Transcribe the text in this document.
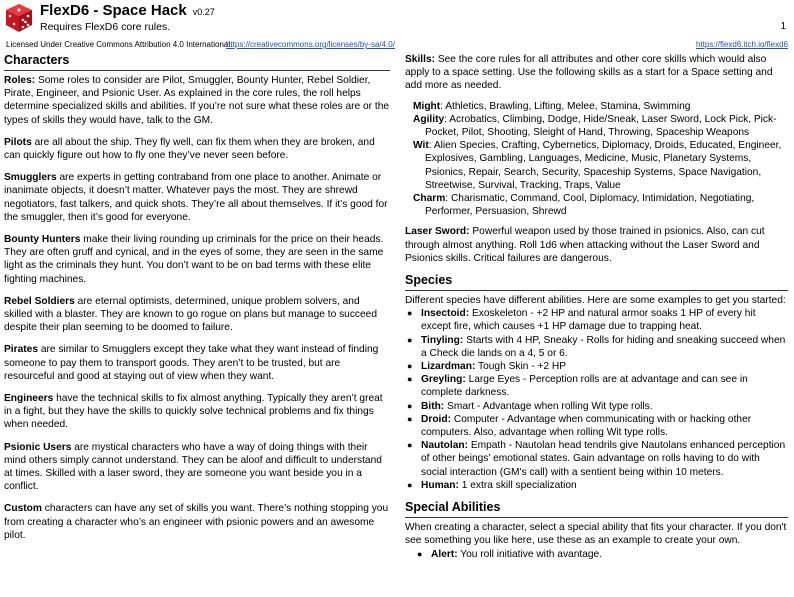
FlexD6 - Space Hack v0.27
Requires FlexD6 core rules.	1
Licensed Under Creative Commons Attribution 4.0 International.
https://creativecommons.org/licenses/by-sa/4.0/	https://flexd6.itch.io/flexd6
Characters

Roles: Some roles to consider are Pilot, Smuggler, Bounty Hunter, Rebel Soldier, Pirate, Engineer, and Psionic User. As explained in the core rules, the roll helps determine specialized skills and abilities. If you’re not sure what these roles are or the types of skills they would have, talk to the GM.

Pilots are all about the ship. They fly well, can fix them when they are broken, and can quickly figure out how to fly one they’ve never seen before.

Smugglers are experts in getting contraband from one place to another. Animate or inanimate objects, it doesn’t matter. Whatever pays the most. They are shrewd negotiators, fast talkers, and quick shots. They’re all about themselves. If it’s good for the smuggler, then it’s good for everyone.

Bounty Hunters make their living rounding up criminals for the price on their heads. They are often gruff and cynical, and in the eyes of some, they are seen in the same light as the criminals they hunt. You don’t want to be on bad terms with these elite fighting machines.

Rebel Soldiers are eternal optimists, determined, unique problem solvers, and skilled with a blaster. They are known to go rogue on plans but manage to succeed despite their plan seeming to be doomed to failure.

Pirates are similar to Smugglers except they take what they want instead of finding someone to pay them to transport goods. They aren’t to be trusted, but are resourceful and good at staying out of view when they want.

Engineers have the technical skills to fix almost anything. Typically they aren’t great in a fight, but they have the skills to quickly solve technical problems and fix things when needed.

Psionic Users are mystical characters who have a way of doing things with their mind others simply cannot understand. They can be aloof and difficult to understand at times. Skilled with a laser sword, they are someone you want beside you in a conflict.

Custom characters can have any set of skills you want. There’s nothing stopping you from creating a character who’s an engineer with psionic powers and an awesome pilot.

Skills: See the core rules for all attributes and other core skills which would also apply to a space setting. Use the following skills as a start for a Space setting and add more as needed.

Might: Athletics, Brawling, Lifting, Melee, Stamina, Swimming
Agility: Acrobatics, Climbing, Dodge, Hide/Sneak, Laser Sword, Lock Pick, Pick-Pocket, Pilot, Shooting, Sleight of Hand, Throwing, Spaceship Weapons
Wit: Alien Species, Crafting, Cybernetics, Diplomacy, Droids, Educated, Engineer, Explosives, Gambling, Languages, Medicine, Music, Planetary Systems, Psionics, Repair, Search, Security, Spaceship Systems, Space Navigation, Streetwise, Survival, Tracking, Traps, Value
Charm: Charismatic, Command, Cool, Diplomacy, Intimidation, Negotiating, Performer, Persuasion, Shrewd

Laser Sword: Powerful weapon used by those trained in psionics. Also, can cut through almost anything. Roll 1d6 when attacking without the Laser Sword and Psionics skills. Critical failures are dangerous.

Species
Different species have different abilities. Here are some examples to get you started:
● Insectoid: Exoskeleton - +2 HP and natural armor soaks 1 HP of every hit except fire, which causes +1 HP damage due to trapping heat.
● Tinyling: Starts with 4 HP, Sneaky - Rolls for hiding and sneaking succeed when a Check die lands on a 4, 5 or 6.
● Lizardman: Tough Skin - +2 HP
● Greyling: Large Eyes - Perception rolls are at advantage and can see in complete darkness.
● Bith: Smart - Advantage when rolling Wit type rolls.
● Droid: Computer - Advantage when communicating with or hacking other computers. Also, advantage when rolling Wit type rolls.
● Nautolan: Empath - Nautolan head tendrils give Nautolans enhanced perception of other beings’ emotional states. Gain advantage on rolls having to do with social interaction (GM's call) with a sentient being within 10 meters.
● Human: 1 extra skill specialization
Special Abilities
When creating a character, select a special ability that fits your character. If you don't see something you like here, use these as an example to create your own.
● Alert: You roll initiative with avantage.
